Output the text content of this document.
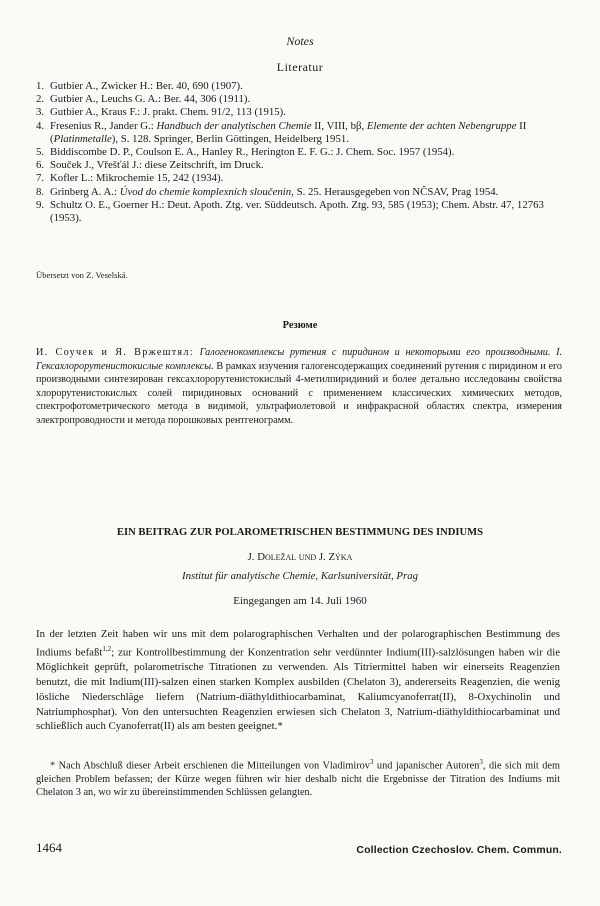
Notes
Literatur
1. Gutbier A., Zwicker H.: Ber. 40, 690 (1907).
2. Gutbier A., Leuchs G. A.: Ber. 44, 306 (1911).
3. Gutbier A., Kraus F.: J. prakt. Chem. 91/2, 113 (1915).
4. Fresenius R., Jander G.: Handbuch der analytischen Chemie II, VIII, bβ, Elemente der achten Nebengruppe II (Platinmetalle), S. 128. Springer, Berlin Göttingen, Heidelberg 1951.
5. Biddiscombe D. P., Coulson E. A., Hanley R., Herington E. F. G.: J. Chem. Soc. 1957 (1954).
6. Souček J., Vřešťál J.: diese Zeitschrift, im Druck.
7. Kofler L.: Mikrochemie 15, 242 (1934).
8. Grinberg A. A.: Úvod do chemie komplexních sloučenin, S. 25. Herausgegeben von NČSAV, Prag 1954.
9. Schultz O. E., Goerner H.: Deut. Apoth. Ztg. ver. Süddeutsch. Apoth. Ztg. 93, 585 (1953); Chem. Abstr. 47, 12763 (1953).
Übersetzt von Z. Veselská.
Резюме
И. Соучек и Я. Вржештял: Галогенокомплексы рутения с пиридином и некоторыми его производными. I. Гексахлорорутенистокислые комплексы. В рамках изучения галогенсодержащих соединений рутения с пиридином и его производными синтезирован гексахлорорутенистокислый 4-метилпиридиний и более детально исследованы свойства хлорорутенистокислых солей пиридиновых оснований с применением классических химических методов, спектрофотометрического метода в видимой, ультрафиолетовой и инфракрасной областях спектра, измерения электропроводности и метода порошковых рентгенограмм.
EIN BEITRAG ZUR POLAROMETRISCHEN BESTIMMUNG DES INDIUMS
J. Doležal und J. Zýka
Institut für analytische Chemie, Karlsuniversität, Prag
Eingegangen am 14. Juli 1960
In der letzten Zeit haben wir uns mit dem polarographischen Verhalten und der polarographischen Bestimmung des Indiums befaßt$^{1,2}$; zur Kontrollbestimmung der Konzentration sehr verdünnter Indium(III)-salzlösungen haben wir die Möglichkeit geprüft, polarometrische Titrationen zu verwenden. Als Titriermittel haben wir einerseits Reagenzien benutzt, die mit Indium(III)-salzen einen starken Komplex ausbilden (Chelaton 3), andererseits Reagenzien, die wenig lösliche Niederschläge liefern (Natrium-diäthyldithiocarbaminat, Kaliumcyanoferrat(II), 8-Oxychinolin und Natriumphosphat). Von den untersuchten Reagenzien erwiesen sich Chelaton 3, Natrium-diäthyldithiocarbaminat und schließlich auch Cyanoferrat(II) als am besten geeignet.*
* Nach Abschluß dieser Arbeit erschienen die Mitteilungen von Vladimirov$^3$ und japanischer Autoren$^3$, die sich mit dem gleichen Problem befassen; der Kürze wegen führen wir hier deshalb nicht die Ergebnisse der Titration des Indiums mit Chelaton 3 an, wo wir zu übereinstimmenden Schlüssen gelangten.
1464	Collection Czechoslov. Chem. Commun.
